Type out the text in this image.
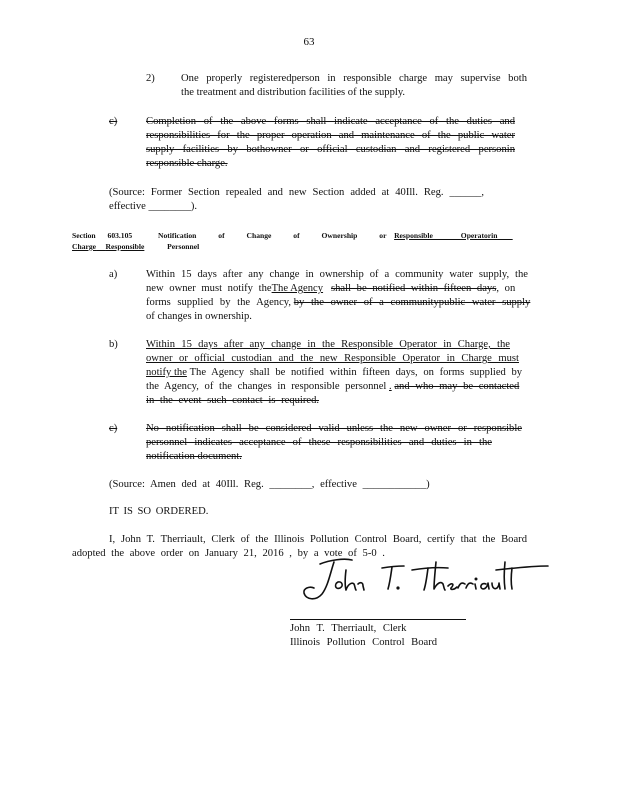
63
2) One properly registeredperson in responsible charge may supervise both
the treatment and distribution facilities of the supply.
c)	Completion of the above forms shall indicate acceptance of the duties and
responsibilities for the proper operation and maintenance of the public water
supply facilities by bothowner or official custodian and registered personin
responsible charge.
(Source: Former Section repealed and new Section added at 40Ill. Reg. ______,
effective ________).
Section 603.105	Notification of Change of Ownership or Responsible Operatorin
Charge Responsible	Personnel
a)	Within 15 days after any change in ownership of a community water supply, the
new owner must notify theThe Agency shall be notified within fifteen days, on
forms supplied by the Agency, by the owner of a communitypublic water supply
of changes in ownership.
b)	Within 15 days after any change in the Responsible Operator in Charge, the
owner or official custodian and the new Responsible Operator in Charge must
notify the The Agency shall be notified within fifteen days, on forms supplied by
the Agency, of the changes in responsible personnel . and who may be contacted
in the event such contact is required.
c)	No notification shall be considered valid unless the new owner or responsible
personnel indicates acceptance of these responsibilities and duties in the
notification document.
(Source: Amen ded at 40Ill. Reg. ________, effective ____________)
IT IS SO ORDERED.
I, John T. Therriault, Clerk of the Illinois Pollution Control Board, certify that the Board
adopted the above order on January 21, 2016 , by a vote of 5-0 .
John T. Therriault, Clerk
Illinois Pollution Control Board
